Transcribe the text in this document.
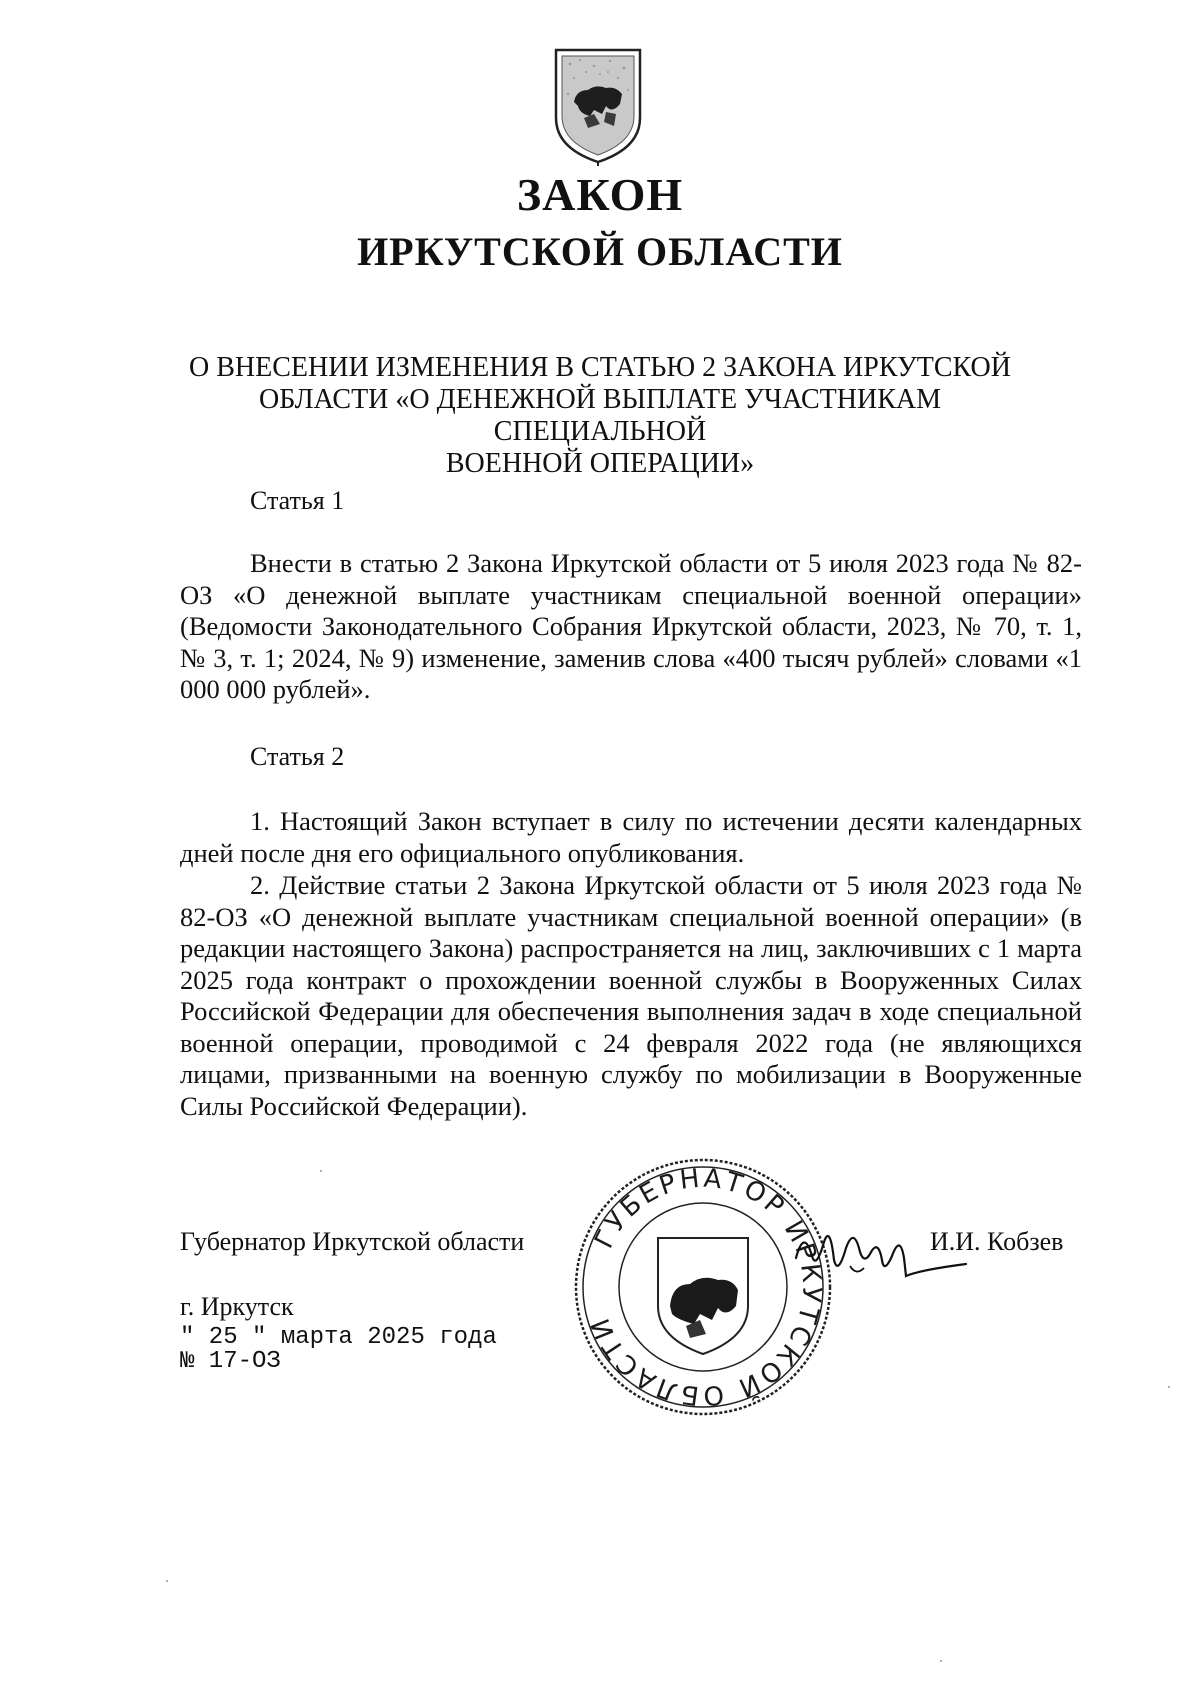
ЗАКОН
ИРКУТСКОЙ ОБЛАСТИ
О ВНЕСЕНИИ ИЗМЕНЕНИЯ В СТАТЬЮ 2 ЗАКОНА ИРКУТСКОЙ
ОБЛАСТИ «О ДЕНЕЖНОЙ ВЫПЛАТЕ УЧАСТНИКАМ СПЕЦИАЛЬНОЙ
ВОЕННОЙ ОПЕРАЦИИ»
Статья 1
Внести в статью 2 Закона Иркутской области от 5 июля 2023 года № 82-ОЗ «О денежной выплате участникам специальной военной операции» (Ведомости Законодательного Собрания Иркутской области, 2023, № 70, т. 1, № 3, т. 1; 2024, № 9) изменение, заменив слова «400 тысяч рублей» словами «1 000 000 рублей».
Статья 2
1. Настоящий Закон вступает в силу по истечении десяти календарных дней после дня его официального опубликования.
2. Действие статьи 2 Закона Иркутской области от 5 июля 2023 года № 82-ОЗ «О денежной выплате участникам специальной военной операции» (в редакции настоящего Закона) распространяется на лиц, заключивших с 1 марта 2025 года контракт о прохождении военной службы в Вооруженных Силах Российской Федерации для обеспечения выполнения задач в ходе специальной военной операции, проводимой с 24 февраля 2022 года (не являющихся лицами, призванными на военную службу по мобилизации в Вооруженные Силы Российской Федерации).
ГУБЕРНАТОР ИРКУТСКОЙ ОБЛАСТИ
Губернатор Иркутской области	И.И. Кобзев
г. Иркутск
" 25 " марта 2025 года
№ 17-ОЗ
